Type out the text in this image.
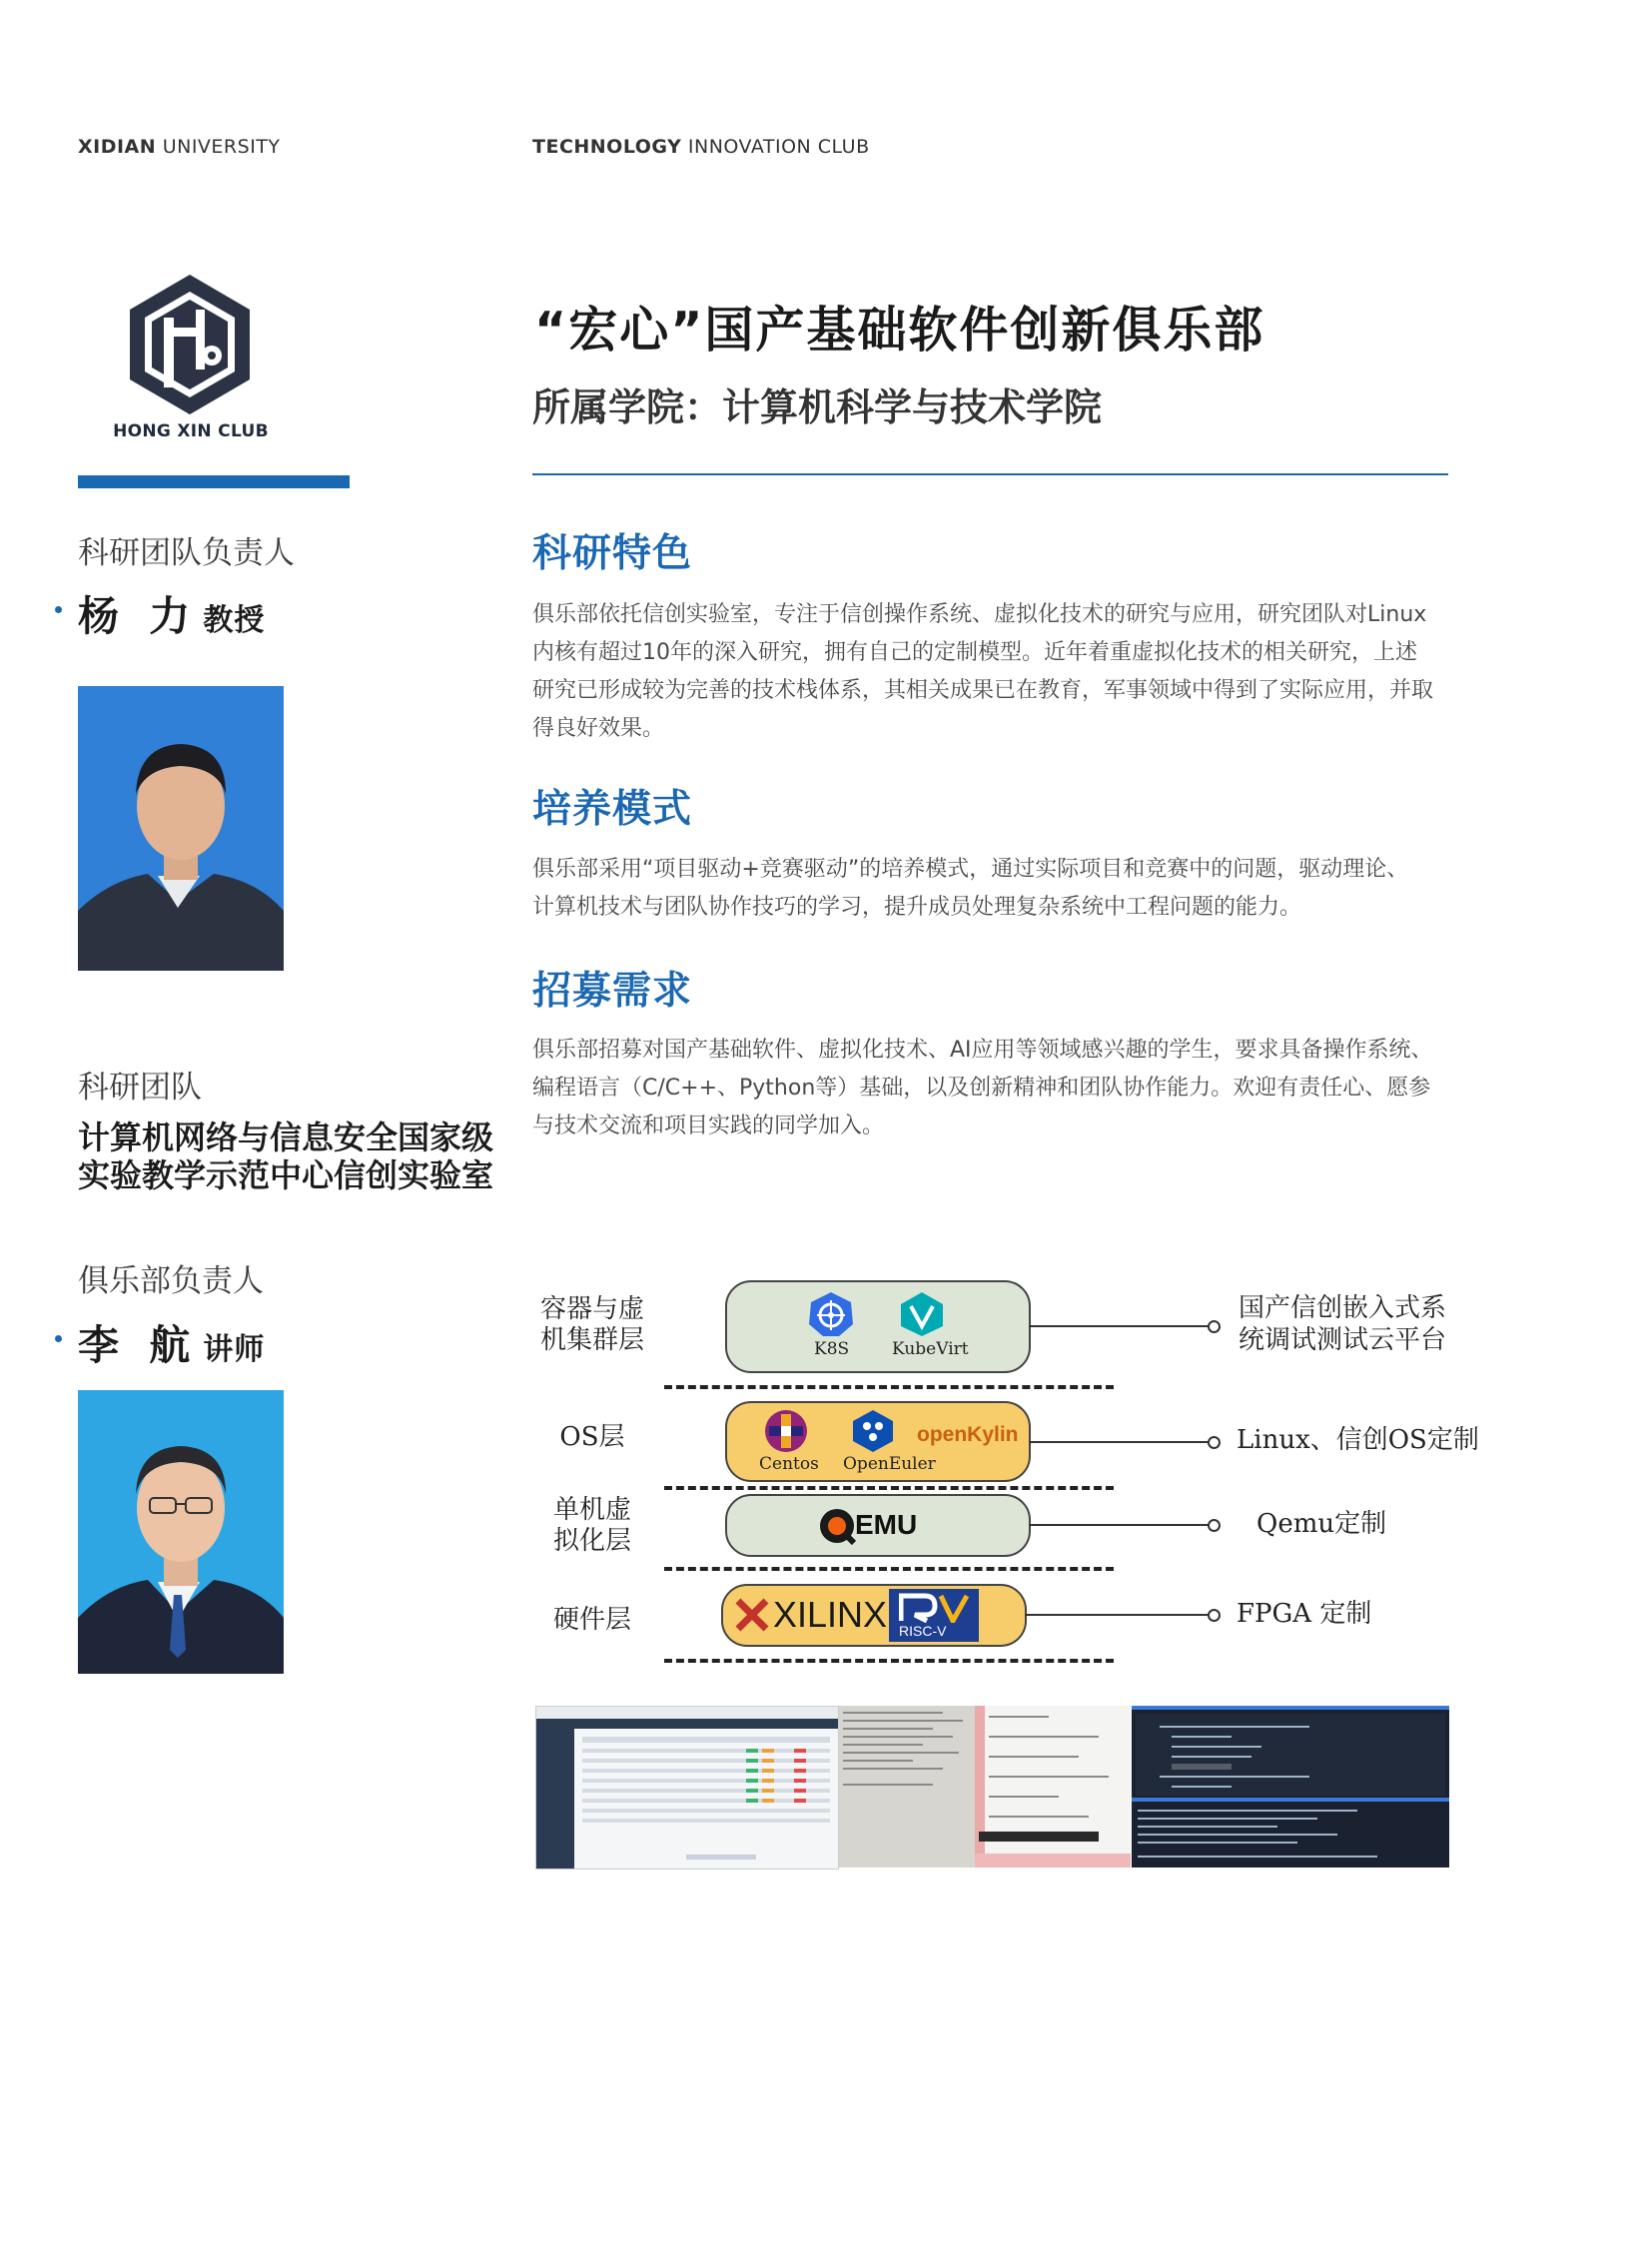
XIDIAN UNIVERSITY	TECHNOLOGY INNOVATION CLUB
HONG XIN CLUB
科研团队负责人
杨 力 教授
科研团队
计算机网络与信息安全国家级
实验教学示范中心信创实验室
俱乐部负责人
李 航 讲师
“宏心”国产基础软件创新俱乐部
所属学院：计算机科学与技术学院
科研特色
俱乐部依托信创实验室，专注于信创操作系统、虚拟化技术的研究与应用，研究团队对Linux
内核有超过10年的深入研究，拥有自己的定制模型。近年着重虚拟化技术的相关研究，上述
研究已形成较为完善的技术栈体系，其相关成果已在教育，军事领域中得到了实际应用，并取
得良好效果。
培养模式
俱乐部采用“项目驱动+竞赛驱动”的培养模式，通过实际项目和竞赛中的问题，驱动理论、
计算机技术与团队协作技巧的学习，提升成员处理复杂系统中工程问题的能力。
招募需求
俱乐部招募对国产基础软件、虚拟化技术、AI应用等领域感兴趣的学生，要求具备操作系统、
编程语言（C/C++、Python等）基础，以及创新精神和团队协作能力。欢迎有责任心、愿参
与技术交流和项目实践的同学加入。
容器与虚
机集群层	K8S	KubeVirt
国产信创嵌入式系
统调试测试云平台
OS层
Centos OpenEuler
openKylin	Linux、信创OS定制
单机虚
拟化层
EMU	Qemu定制
硬件层	XILINX RISC-V
FPGA 定制
